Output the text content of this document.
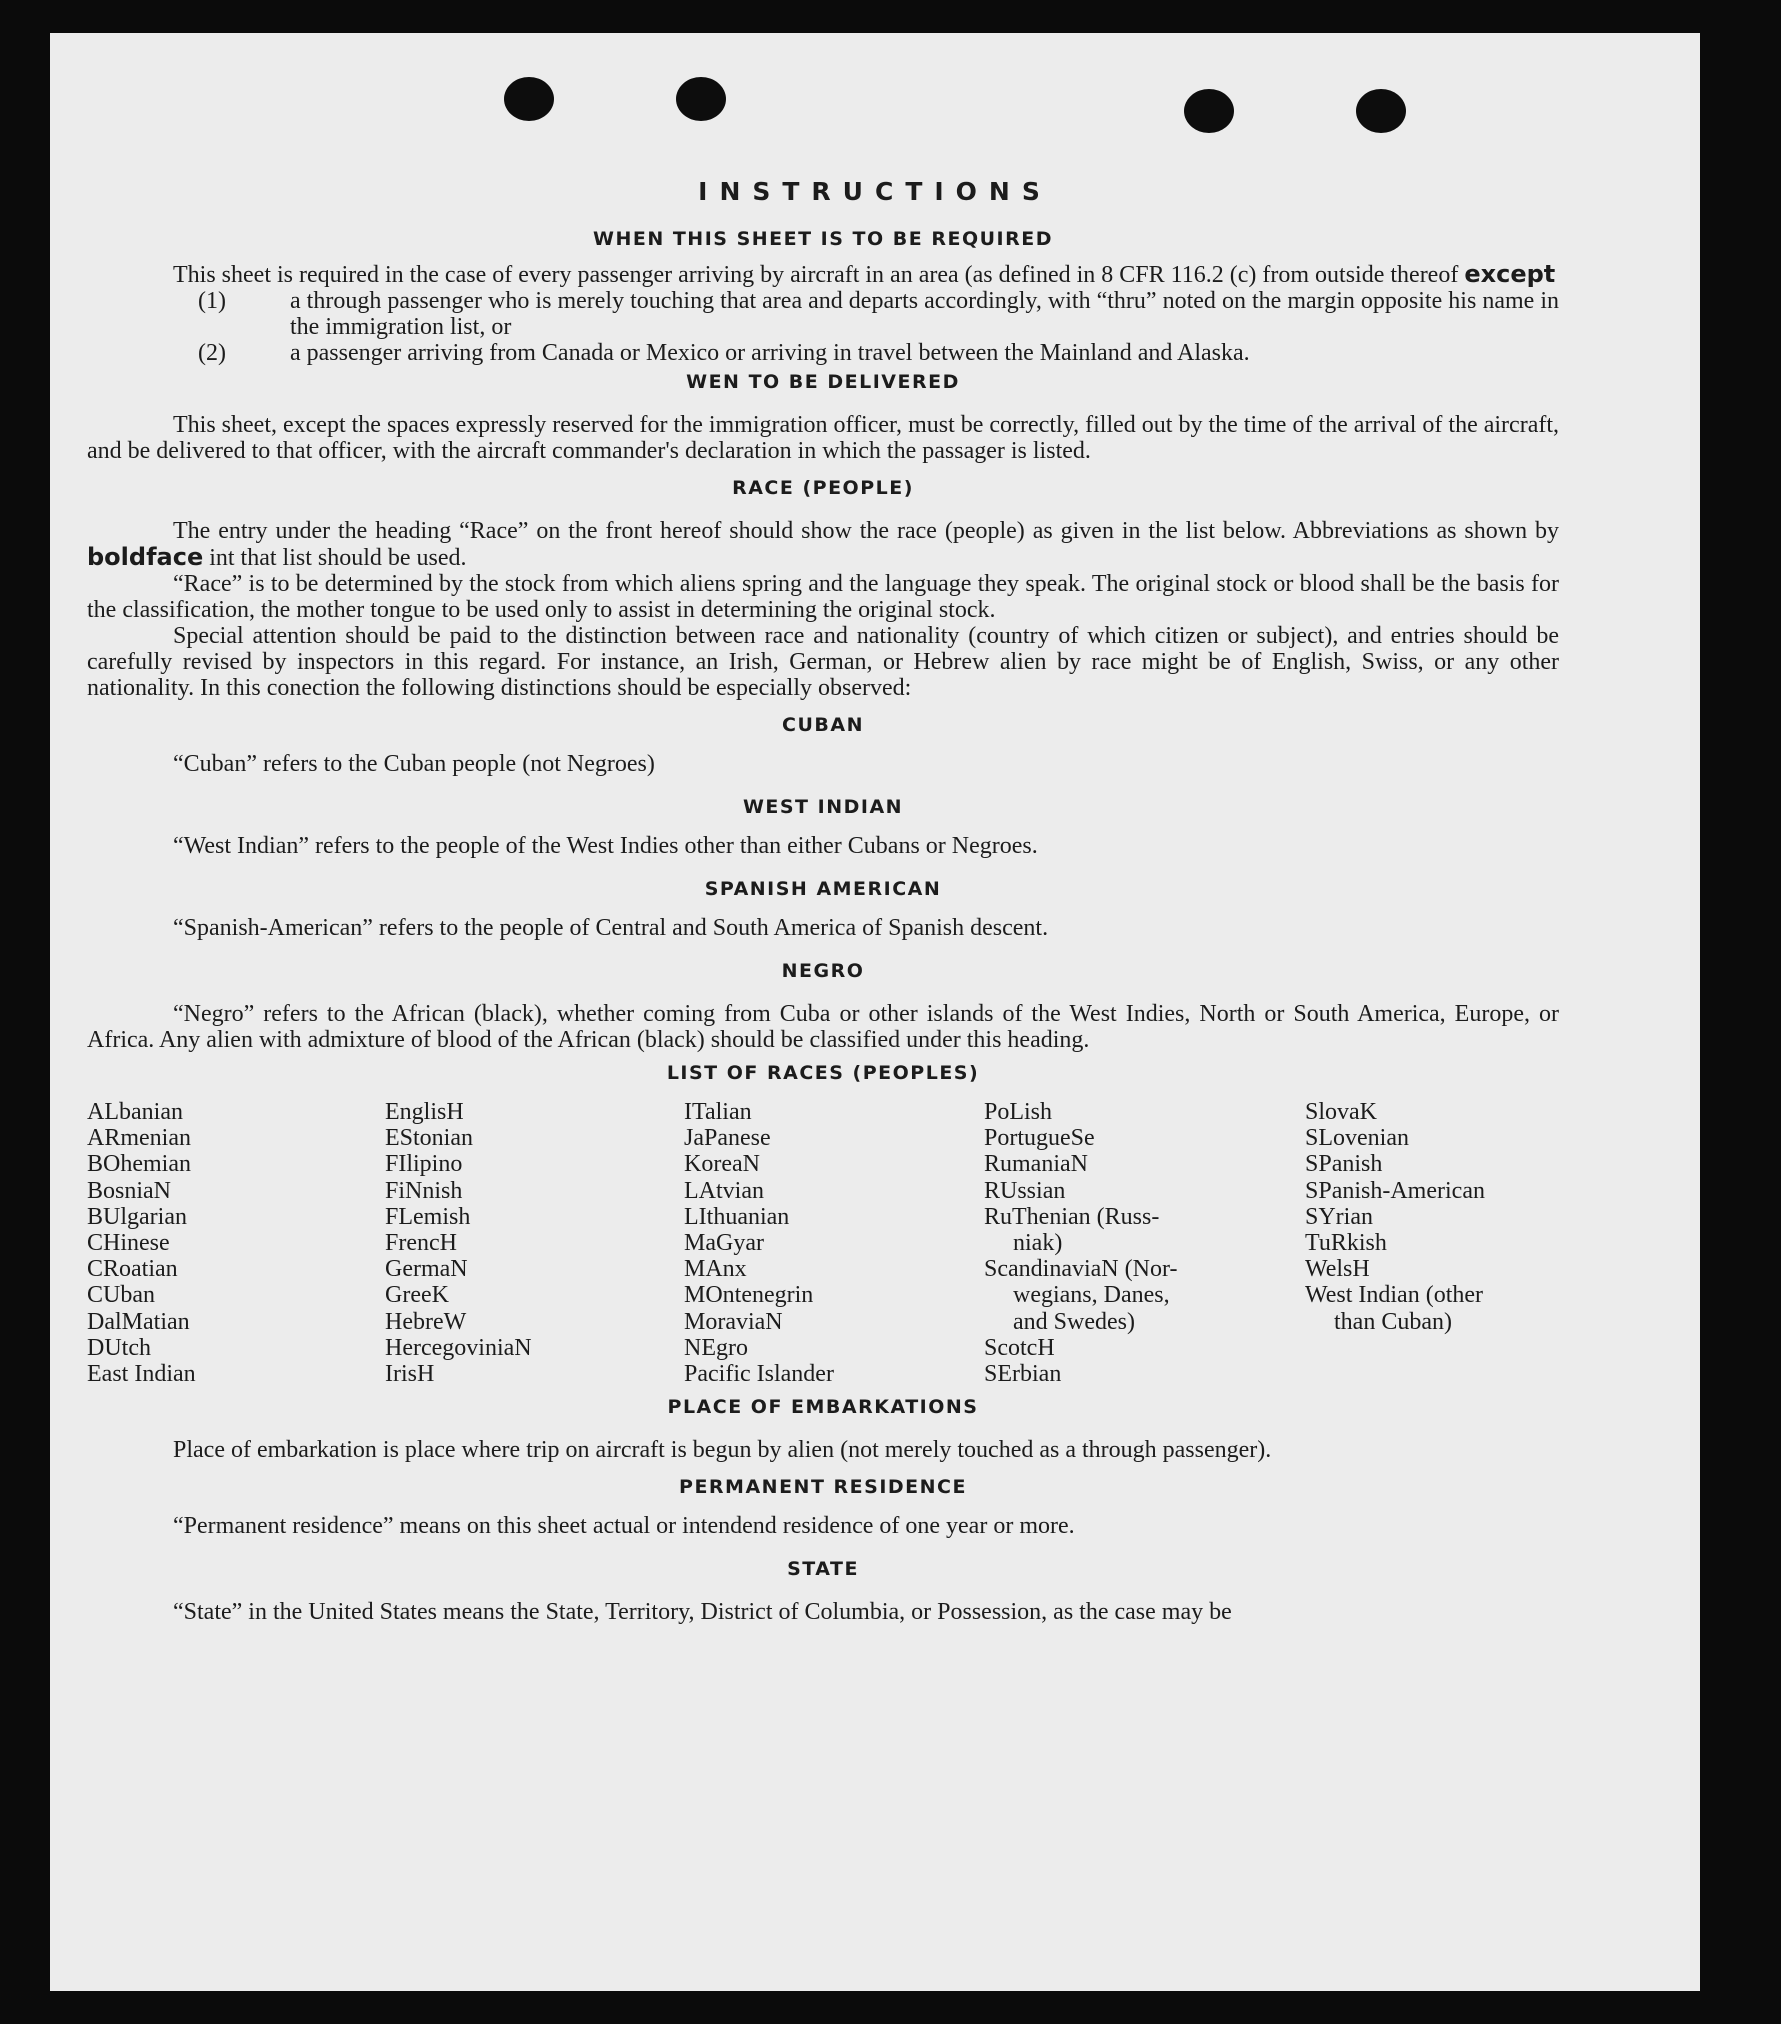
INSTRUCTIONS
WHEN THIS SHEET IS TO BE REQUIRED

This sheet is required in the case of every passenger arriving by aircraft in an area (as defined in 8 CFR 116.2 (c) from outside thereof except

(1)	a through passenger who is merely touching that area and departs accordingly, with “thru” noted on the margin opposite his name in the immigration list, or
(2)	a passenger arriving from Canada or Mexico or arriving in travel between the Mainland and Alaska.
WEN TO BE DELIVERED

This sheet, except the spaces expressly reserved for the immigration officer, must be correctly, filled out by the time of the arrival of the aircraft, and be delivered to that officer, with the aircraft commander's declaration in which the passager is listed.

RACE (PEOPLE)

The entry under the heading “Race” on the front hereof should show the race (people) as given in the list below. Abbreviations as shown by boldface int that list should be used.

“Race” is to be determined by the stock from which aliens spring and the language they speak. The original stock or blood shall be the basis for the classification, the mother tongue to be used only to assist in determining the original stock.

Special attention should be paid to the distinction between race and nationality (country of which citizen or subject), and entries should be carefully revised by inspectors in this regard. For instance, an Irish, German, or Hebrew alien by race might be of English, Swiss, or any other nationality. In this conection the following distinctions should be especially observed:

CUBAN

“Cuban” refers to the Cuban people (not Negroes)

WEST INDIAN

“West Indian” refers to the people of the West Indies other than either Cubans or Negroes.

SPANISH AMERICAN

“Spanish-American” refers to the people of Central and South America of Spanish descent.

NEGRO

“Negro” refers to the African (black), whether coming from Cuba or other islands of the West Indies, North or South America, Europe, or Africa. Any alien with admixture of blood of the African (black) should be classified under this heading.

LIST OF RACES (PEOPLES)
ALbanian
ARmenian
BOhemian
BosniaN
BUlgarian
CHinese
CRoatian
CUban
DalMatian
DUtch
East Indian
EnglisH
EStonian
FIlipino
FiNnish
FLemish
FrencH
GermaN
GreeK
HebreW
HercegoviniaN
IrisH
ITalian
JaPanese
KoreaN
LAtvian
LIthuanian
MaGyar
MAnx
MOntenegrin
MoraviaN
NEgro
Pacific Islander
PoLish
PortugueSe
RumaniaN
RUssian
RuThenian (Russ-
niak)
ScandinaviaN (Nor-
wegians, Danes,
and Swedes)
ScotcH
SErbian
SlovaK
SLovenian
SPanish
SPanish-American
SYrian
TuRkish
WelsH
West Indian (other
than Cuban)
PLACE OF EMBARKATIONS

Place of embarkation is place where trip on aircraft is begun by alien (not merely touched as a through passenger).

PERMANENT RESIDENCE

“Permanent residence” means on this sheet actual or intendend residence of one year or more.

STATE

“State” in the United States means the State, Territory, District of Columbia, or Possession, as the case may be
